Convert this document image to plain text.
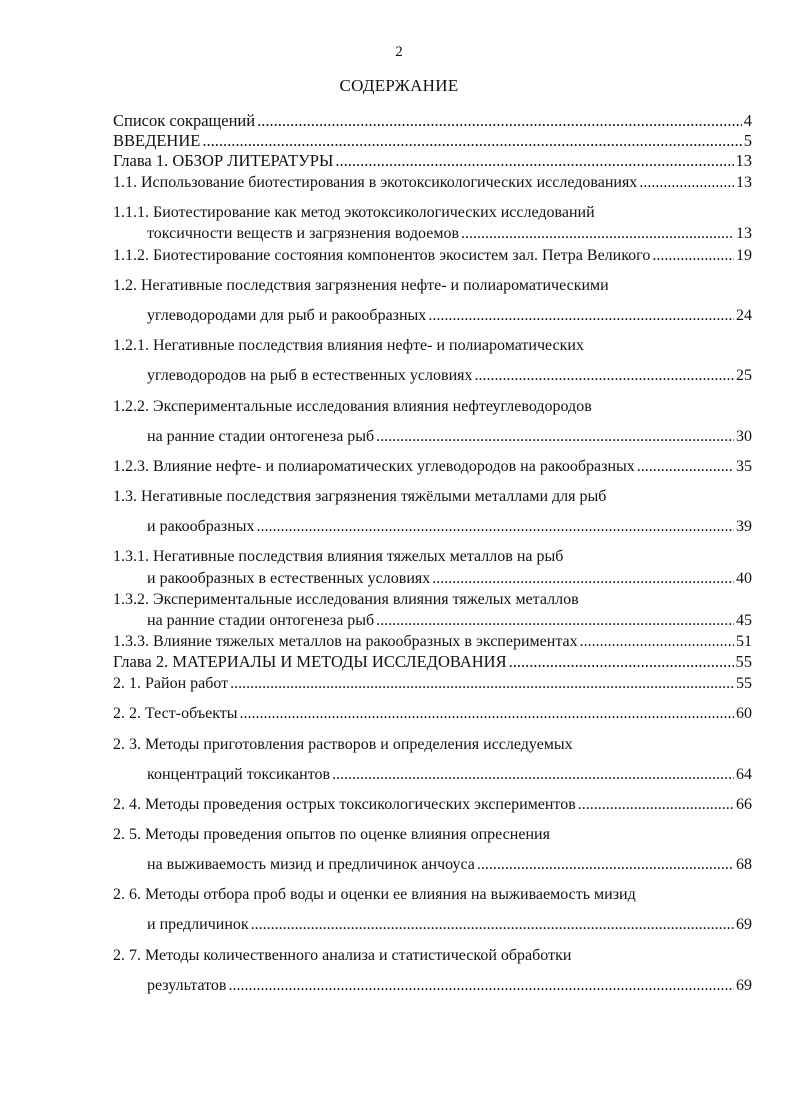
2
СОДЕРЖАНИЕ
Список сокращений .....	4
ВВЕДЕНИЕ .....	5
Глава 1. ОБЗОР ЛИТЕРАТУРЫ .....	13
1.1. Использование биотестирования в экотоксикологических исследованиях .....	13
1.1.1. Биотестирование как метод экотоксикологических исследований
токсичности веществ и загрязнения водоемов .....	13
1.1.2. Биотестирование состояния компонентов экосистем зал. Петра Великого .....	19
1.2. Негативные последствия загрязнения нефте- и полиароматическими
углеводородами для рыб и ракообразных .....	24
1.2.1. Негативные последствия влияния нефте- и полиароматических
углеводородов на рыб в естественных условиях .....	25
1.2.2. Экспериментальные исследования влияния нефтеуглеводородов
на ранние стадии онтогенеза рыб .....	30
1.2.3. Влияние нефте- и полиароматических углеводородов на ракообразных .....	35
1.3. Негативные последствия загрязнения тяжёлыми металлами для рыб
и ракообразных .....	39
1.3.1. Негативные последствия влияния тяжелых металлов на рыб
и ракообразных в естественных условиях .....	40
1.3.2. Экспериментальные исследования влияния тяжелых металлов
на ранние стадии онтогенеза рыб .....	45
1.3.3. Влияние тяжелых металлов на ракообразных в экспериментах .....	51
Глава 2. МАТЕРИАЛЫ И МЕТОДЫ ИССЛЕДОВАНИЯ .....	55
2. 1. Район работ .....	55
2. 2. Тест-объекты .....	60
2. 3. Методы приготовления растворов и определения исследуемых
концентраций токсикантов .....	64
2. 4. Методы проведения острых токсикологических экспериментов .....	66
2. 5. Методы проведения опытов по оценке влияния опреснения
на выживаемость мизид и предличинок анчоуса .....	68
2. 6. Методы отбора проб воды и оценки ее влияния на выживаемость мизид
и предличинок .....	69
2. 7. Методы количественного анализа и статистической обработки
результатов .....	69
